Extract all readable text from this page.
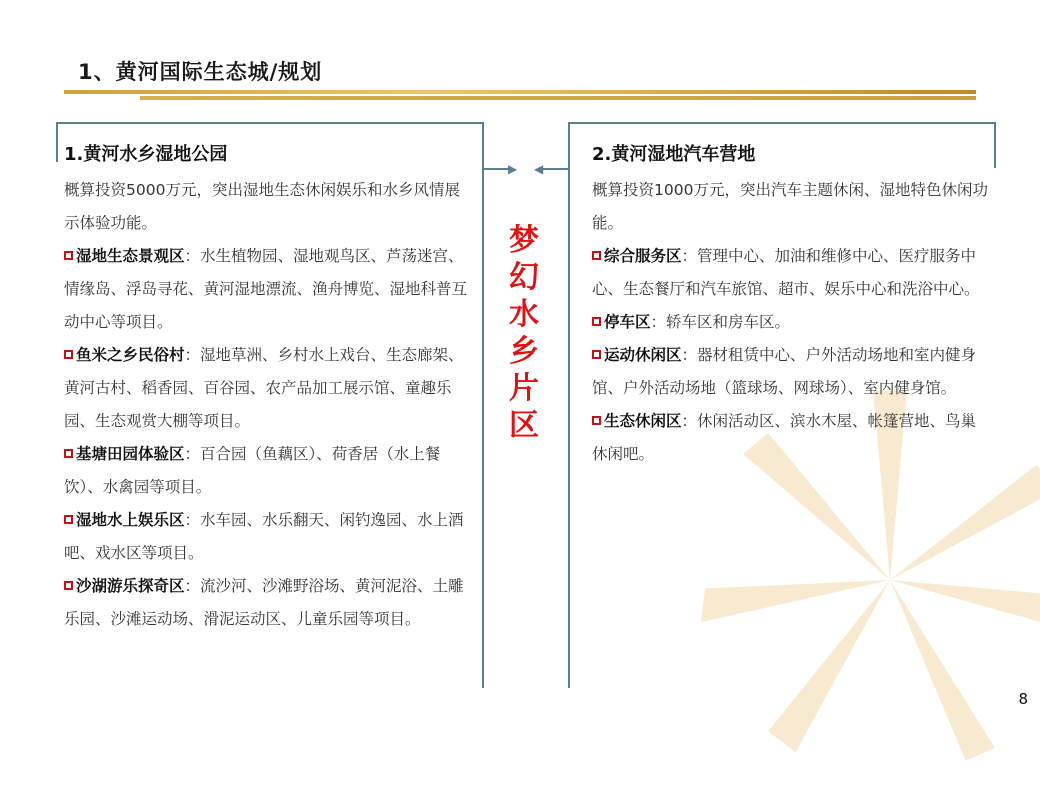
1、黄河国际生态城/规划
▶ ◀
梦幻水乡片区
1.黄河水乡湿地公园
概算投资5000万元，突出湿地生态休闲娱乐和水乡风情展示体验功能。
湿地生态景观区：水生植物园、湿地观鸟区、芦荡迷宫、情缘岛、浮岛寻花、黄河湿地漂流、渔舟博览、湿地科普互动中心等项目。
鱼米之乡民俗村：湿地草洲、乡村水上戏台、生态廊架、黄河古村、稻香园、百谷园、农产品加工展示馆、童趣乐园、生态观赏大棚等项目。
基塘田园体验区：百合园（鱼藕区）、荷香居（水上餐饮）、水禽园等项目。
湿地水上娱乐区：水车园、水乐翻天、闲钓逸园、水上酒吧、戏水区等项目。
沙湖游乐探奇区：流沙河、沙滩野浴场、黄河泥浴、土雕乐园、沙滩运动场、滑泥运动区、儿童乐园等项目。
2.黄河湿地汽车营地
概算投资1000万元，突出汽车主题休闲、湿地特色休闲功能。
综合服务区：管理中心、加油和维修中心、医疗服务中心、生态餐厅和汽车旅馆、超市、娱乐中心和洗浴中心。
停车区：轿车区和房车区。
运动休闲区：器材租赁中心、户外活动场地和室内健身馆、户外活动场地（篮球场、网球场）、室内健身馆。
生态休闲区：休闲活动区、滨水木屋、帐篷营地、鸟巢休闲吧。
8
